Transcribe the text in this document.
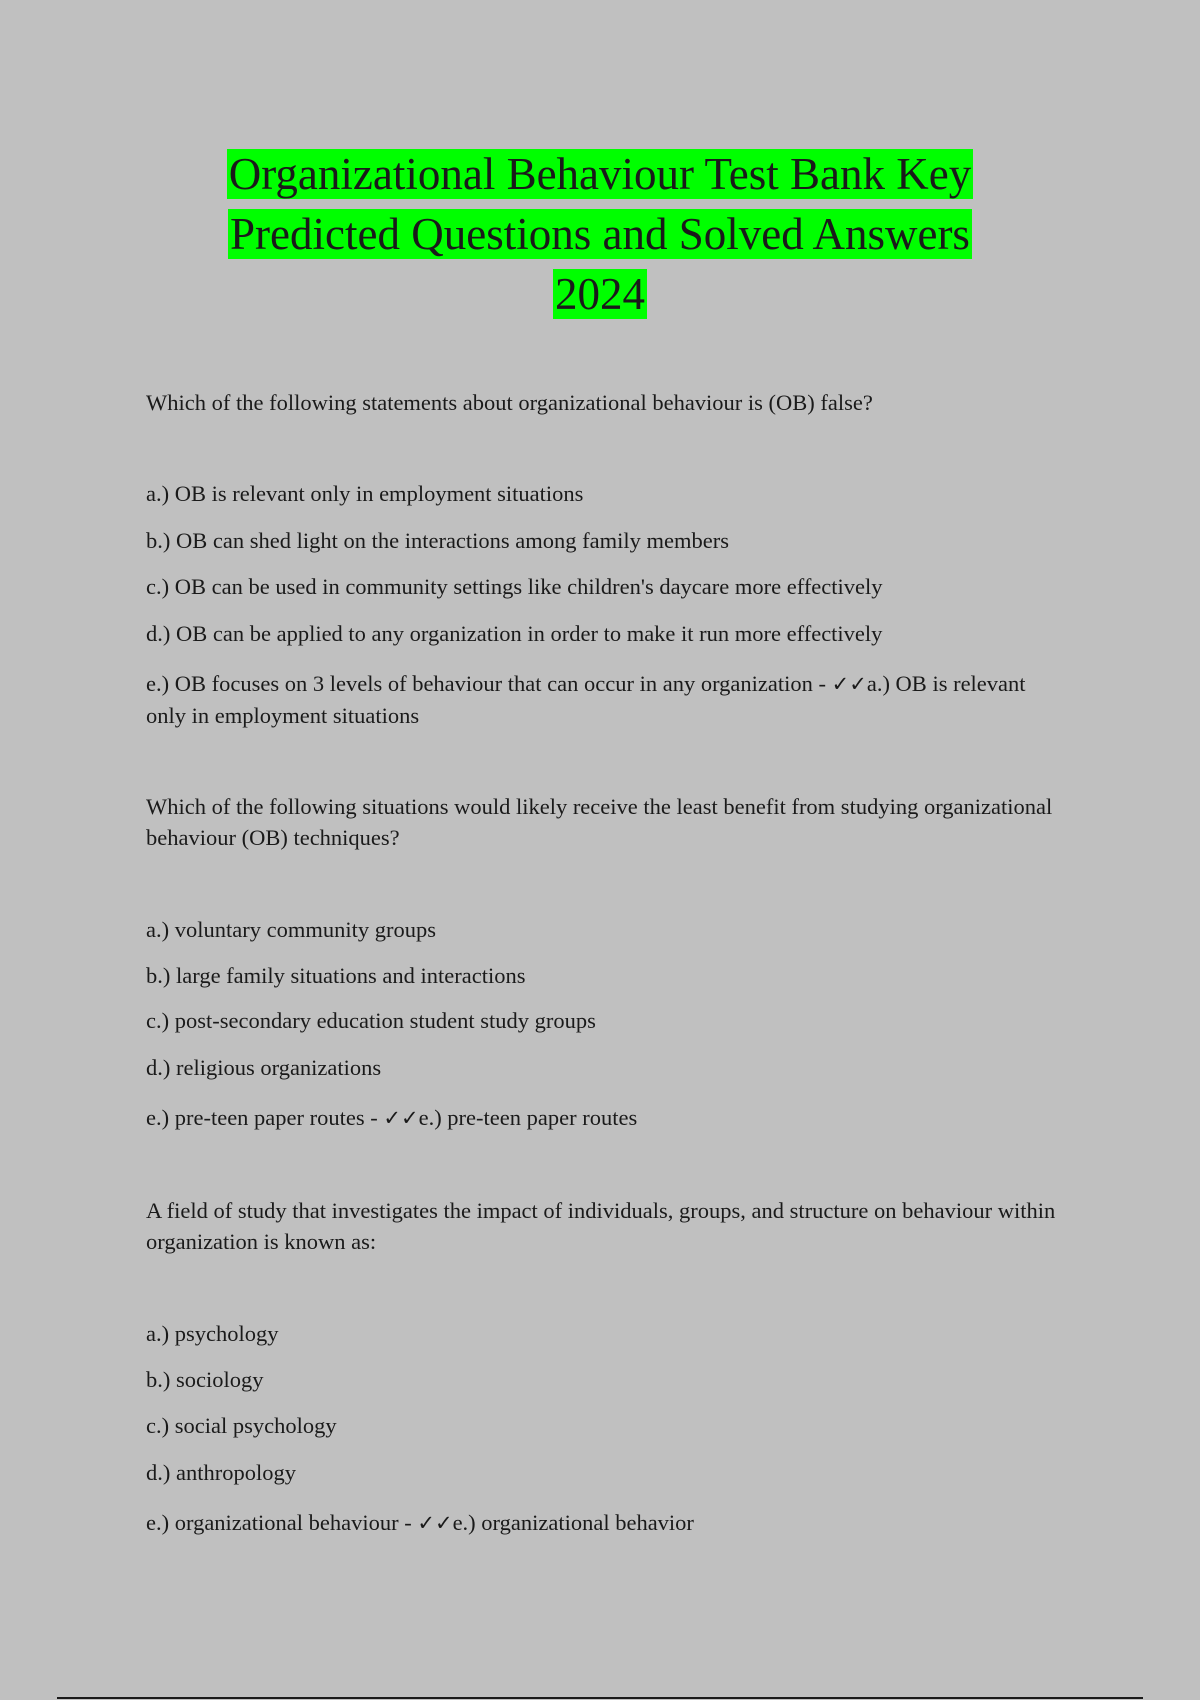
Organizational Behaviour Test Bank Key
Predicted Questions and Solved Answers
2024
Which of the following statements about organizational behaviour is (OB) false?
a.) OB is relevant only in employment situations
b.) OB can shed light on the interactions among family members
c.) OB can be used in community settings like children's daycare more effectively
d.) OB can be applied to any organization in order to make it run more effectively
e.) OB focuses on 3 levels of behaviour that can occur in any organization - ✓✓a.) OB is relevant only in employment situations
Which of the following situations would likely receive the least benefit from studying organizational behaviour (OB) techniques?
a.) voluntary community groups
b.) large family situations and interactions
c.) post-secondary education student study groups
d.) religious organizations
e.) pre-teen paper routes - ✓✓e.) pre-teen paper routes
A field of study that investigates the impact of individuals, groups, and structure on behaviour within organization is known as:
a.) psychology
b.) sociology
c.) social psychology
d.) anthropology
e.) organizational behaviour - ✓✓e.) organizational behavior
